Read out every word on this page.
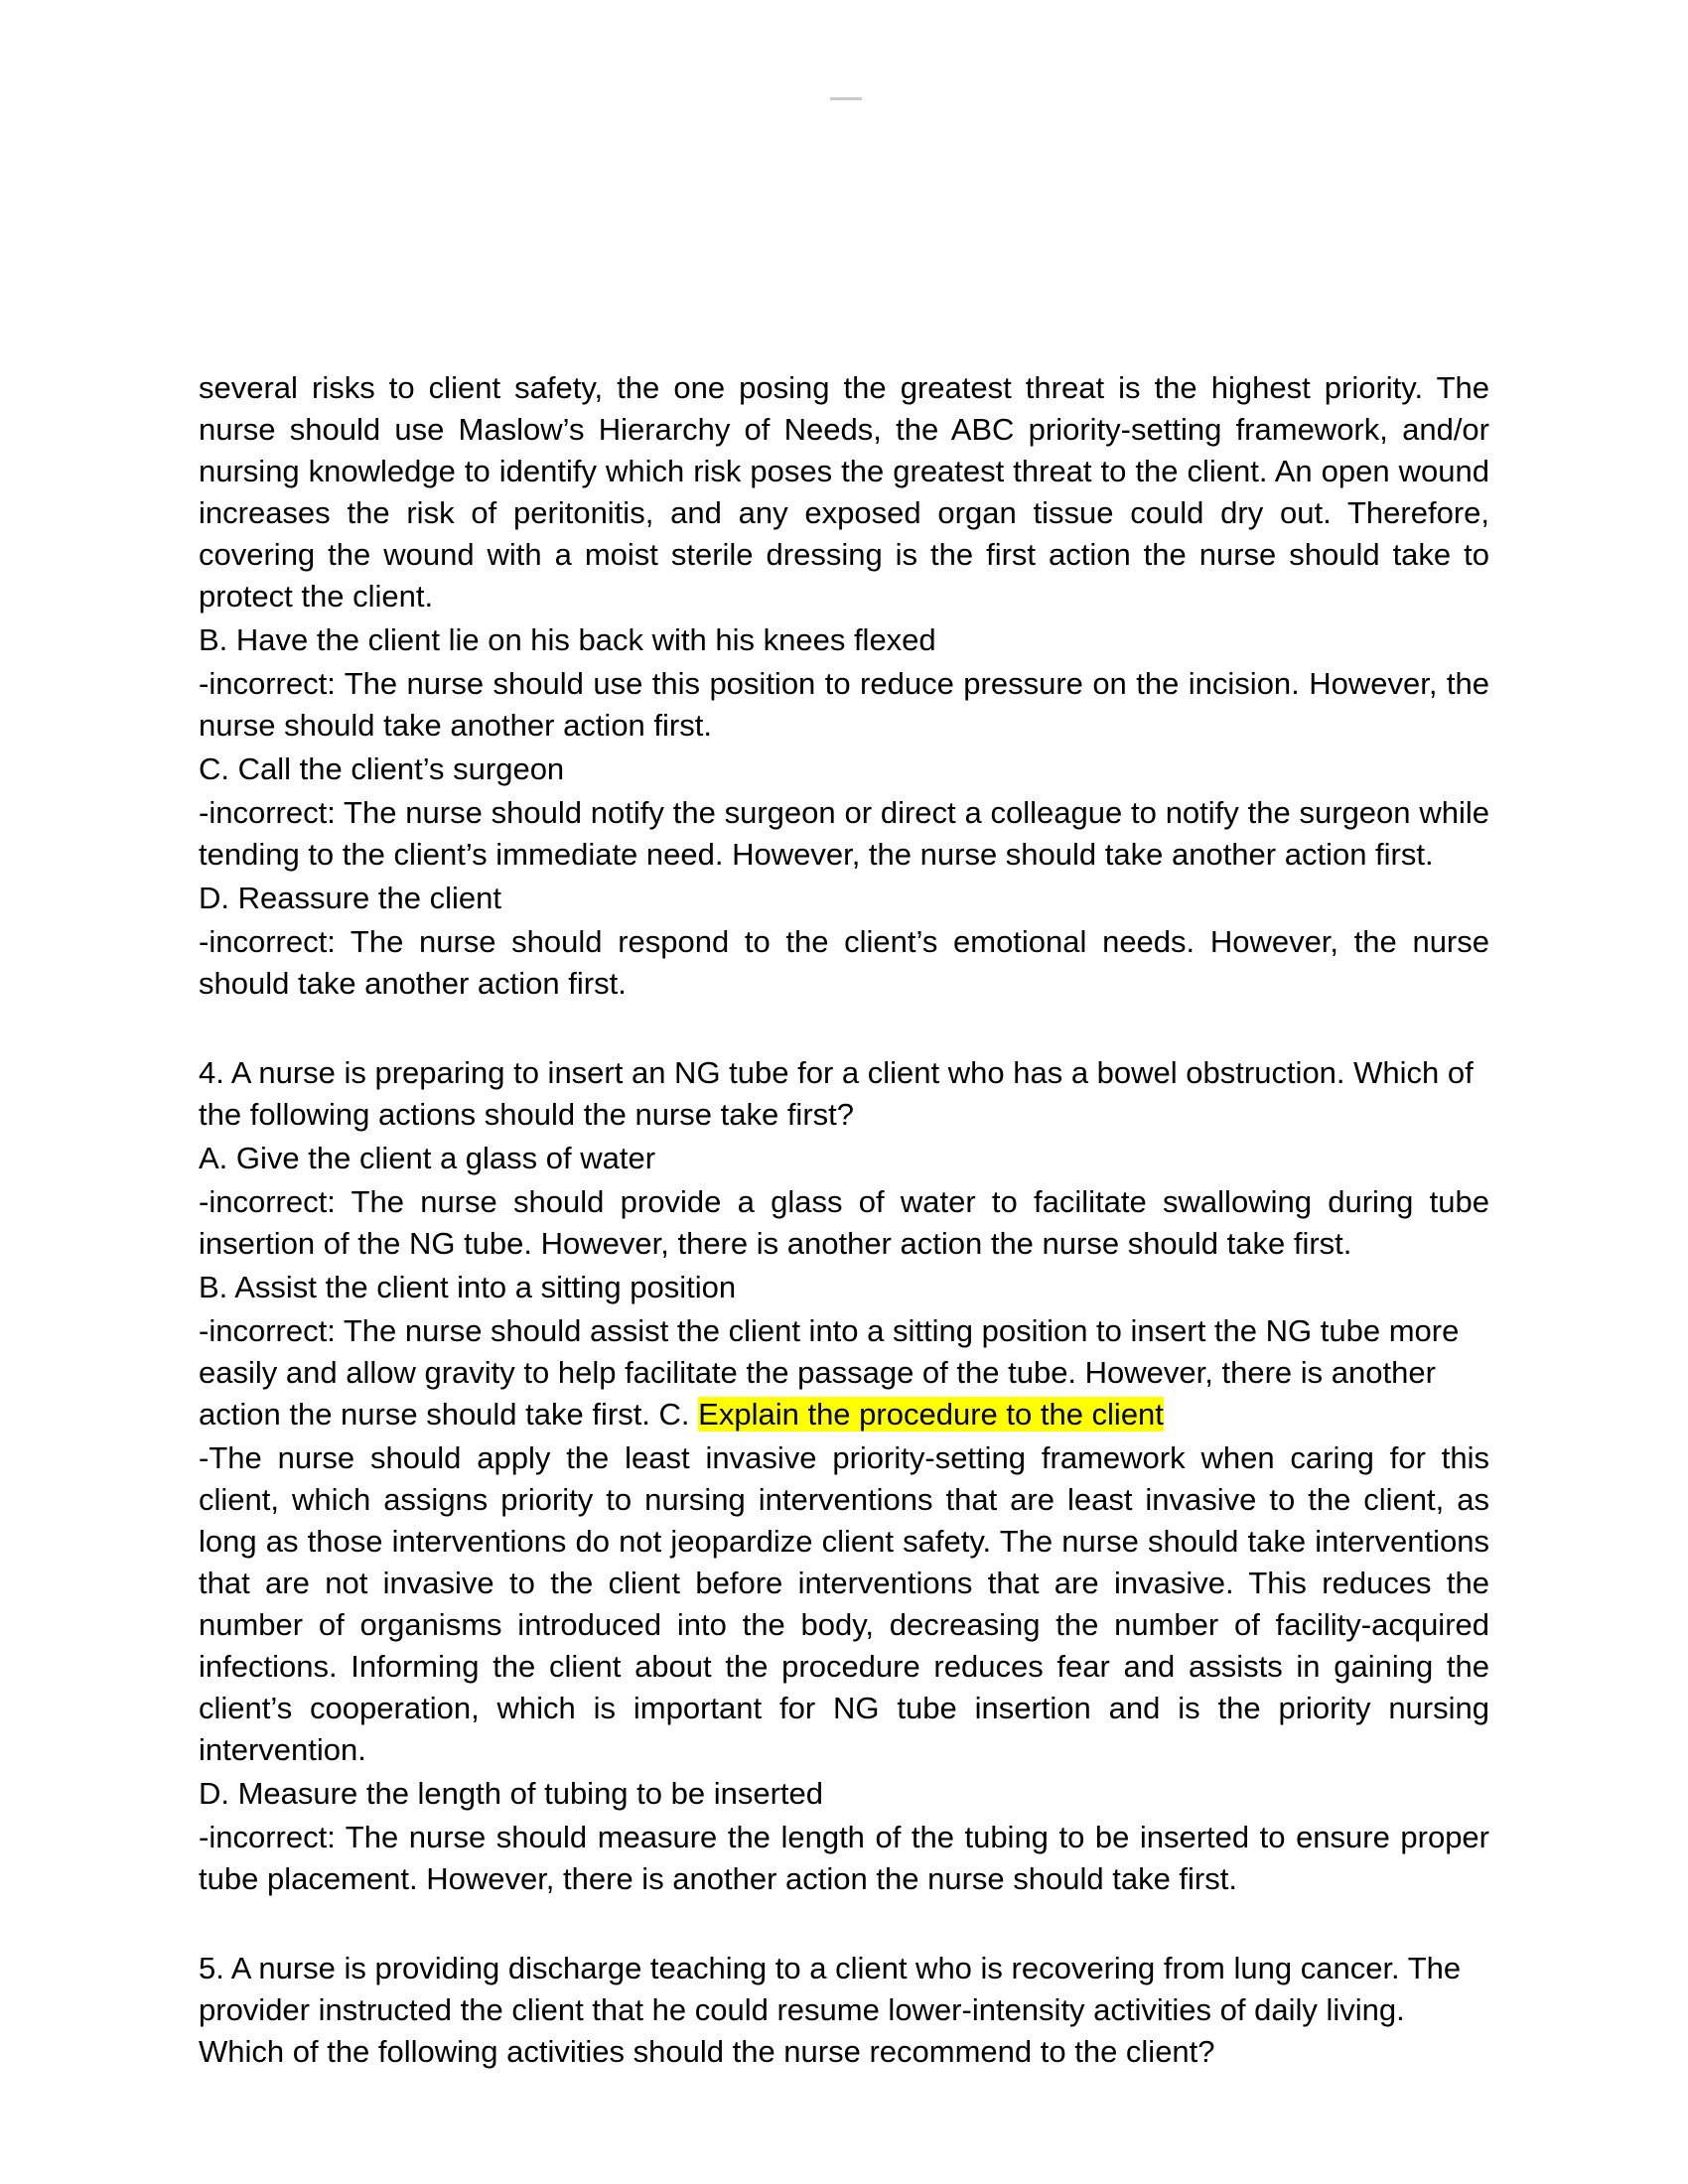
several risks to client safety, the one posing the greatest threat is the highest priority. The nurse should use Maslow’s Hierarchy of Needs, the ABC priority-setting framework, and/or nursing knowledge to identify which risk poses the greatest threat to the client. An open wound increases the risk of peritonitis, and any exposed organ tissue could dry out. Therefore, covering the wound with a moist sterile dressing is the first action the nurse should take to protect the client.

B. Have the client lie on his back with his knees flexed

-incorrect: The nurse should use this position to reduce pressure on the incision. However, the nurse should take another action first.

C. Call the client’s surgeon

-incorrect: The nurse should notify the surgeon or direct a colleague to notify the surgeon while tending to the client’s immediate need. However, the nurse should take another action first.

D. Reassure the client

-incorrect: The nurse should respond to the client’s emotional needs. However, the nurse should take another action first.

4. A nurse is preparing to insert an NG tube for a client who has a bowel obstruction. Which of the following actions should the nurse take first?

A. Give the client a glass of water

-incorrect: The nurse should provide a glass of water to facilitate swallowing during tube insertion of the NG tube. However, there is another action the nurse should take first.

B. Assist the client into a sitting position

-incorrect: The nurse should assist the client into a sitting position to insert the NG tube more easily and allow gravity to help facilitate the passage of the tube. However, there is another action the nurse should take first. C. Explain the procedure to the client

-The nurse should apply the least invasive priority-setting framework when caring for this client, which assigns priority to nursing interventions that are least invasive to the client, as long as those interventions do not jeopardize client safety. The nurse should take interventions that are not invasive to the client before interventions that are invasive. This reduces the number of organisms introduced into the body, decreasing the number of facility-acquired infections. Informing the client about the procedure reduces fear and assists in gaining the client’s cooperation, which is important for NG tube insertion and is the priority nursing intervention.

D. Measure the length of tubing to be inserted

-incorrect: The nurse should measure the length of the tubing to be inserted to ensure proper tube placement. However, there is another action the nurse should take first.

5. A nurse is providing discharge teaching to a client who is recovering from lung cancer. The provider instructed the client that he could resume lower-intensity activities of daily living. Which of the following activities should the nurse recommend to the client?
